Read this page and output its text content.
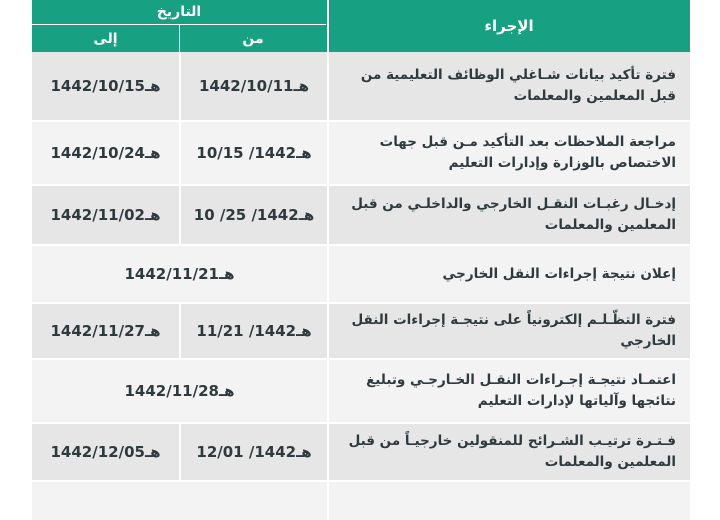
الإجراء
التاريخ
من
إلى
فترة تأكيد بيانات شـاغلي الوظائف التعليمية من قبل المعلمين والمعلمات
1442/10/11هـ
1442/10/15هـ
مراجعة الملاحظات بعد التأكيد مـن قبل جهات الاختصاص بالوزارة وإدارات التعليم
10/15 /1442هـ
1442/10/24هـ
إدخـال رغبـات النقـل الخارجي والداخلـي من قبل المعلمين والمعلمات
10 /25 /1442هـ
1442/11/02هـ
إعلان نتيجة إجراءات النقل الخارجي
1442/11/21هـ
فترة التظّـلـم إلكترونياً على نتيجـة إجراءات النقل الخارجي
11/21 /1442هـ
1442/11/27هـ
اعتمـاد نتيجـة إجـراءات النقـل الخـارجـي وتبليغ نتائجها وآلياتها لإدارات التعليم
1442/11/28هـ
فـتـرة ترتيـب الشـرائح للمنقولين خارجيـاً من قبل المعلمين والمعلمات
12/01 /1442هـ
1442/12/05هـ
